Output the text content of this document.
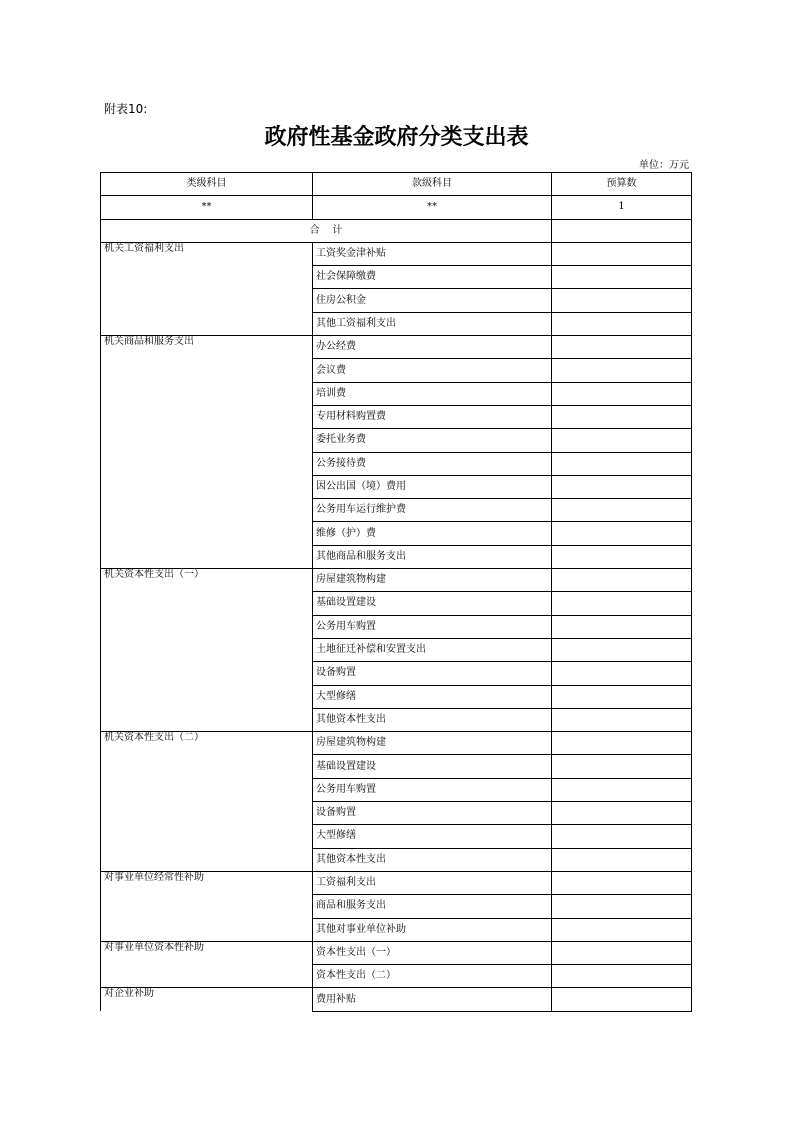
附表10:
政府性基金政府分类支出表
单位：万元
类级科目	款级科目	预算数
**	**	1
合    计		
机关工资福利支出	工资奖金津补贴	
	社会保障缴费	
	住房公积金	
	其他工资福利支出	
机关商品和服务支出	办公经费	
	会议费	
	培训费	
	专用材料购置费	
	委托业务费	
	公务接待费	
	因公出国（境）费用	
	公务用车运行维护费	
	维修（护）费	
	其他商品和服务支出	
机关资本性支出（一）	房屋建筑物构建	
	基础设置建设	
	公务用车购置	
	土地征迁补偿和安置支出	
	设备购置	
	大型修缮	
	其他资本性支出	
机关资本性支出（二）	房屋建筑物构建	
	基础设置建设	
	公务用车购置	
	设备购置	
	大型修缮	
	其他资本性支出	
对事业单位经常性补助	工资福利支出	
	商品和服务支出	
	其他对事业单位补助	
对事业单位资本性补助	资本性支出（一）	
	资本性支出（二）	
对企业补助	费用补贴	
